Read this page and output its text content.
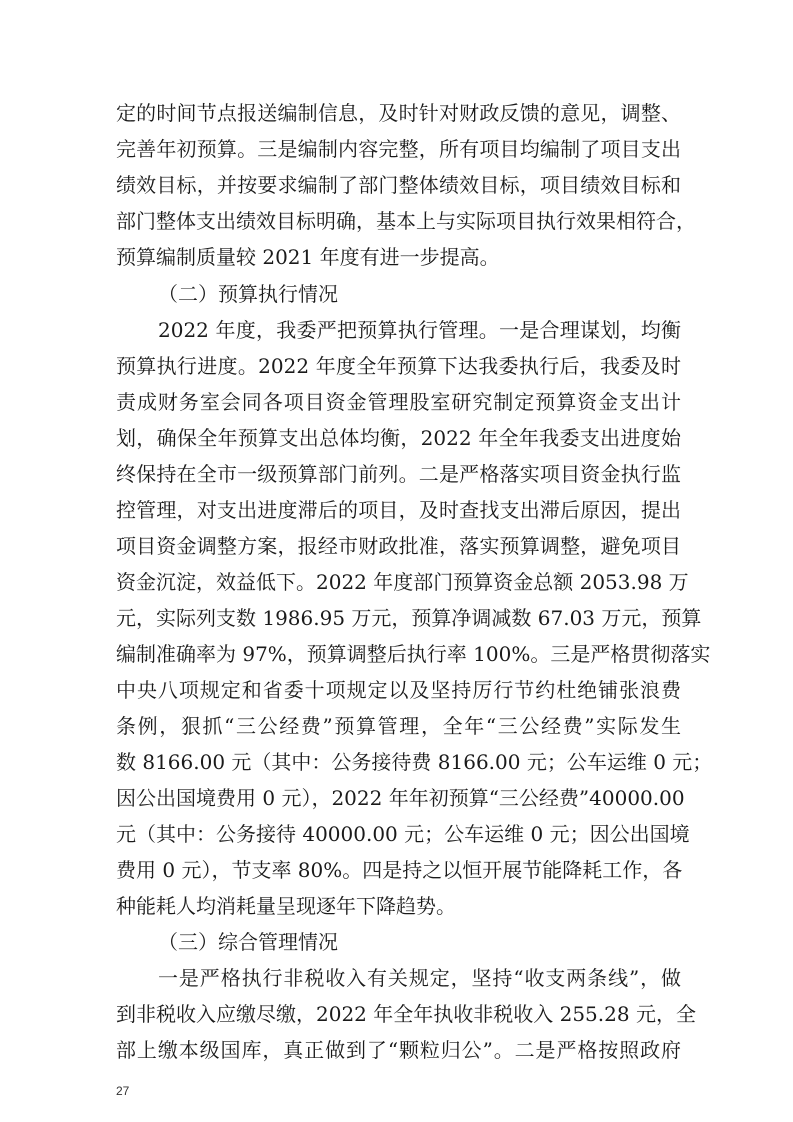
定的时间节点报送编制信息，及时针对财政反馈的意见，调整、
完善年初预算。三是编制内容完整，所有项目均编制了项目支出
绩效目标，并按要求编制了部门整体绩效目标，项目绩效目标和
部门整体支出绩效目标明确，基本上与实际项目执行效果相符合，
预算编制质量较 2021 年度有进一步提高。
（二）预算执行情况
2022 年度，我委严把预算执行管理。一是合理谋划，均衡
预算执行进度。2022 年度全年预算下达我委执行后，我委及时
责成财务室会同各项目资金管理股室研究制定预算资金支出计
划，确保全年预算支出总体均衡，2022 年全年我委支出进度始
终保持在全市一级预算部门前列。二是严格落实项目资金执行监
控管理，对支出进度滞后的项目，及时查找支出滞后原因，提出
项目资金调整方案，报经市财政批准，落实预算调整，避免项目
资金沉淀，效益低下。2022 年度部门预算资金总额 2053.98 万
元，实际列支数 1986.95 万元，预算净调减数 67.03 万元，预算
编制准确率为 97%，预算调整后执行率 100%。三是严格贯彻落实
中央八项规定和省委十项规定以及坚持厉行节约杜绝铺张浪费
条例，狠抓“三公经费”预算管理，全年“三公经费”实际发生
数 8166.00 元（其中：公务接待费 8166.00 元；公车运维 0 元；
因公出国境费用 0 元），2022 年年初预算“三公经费”40000.00
元（其中：公务接待 40000.00 元；公车运维 0 元；因公出国境
费用 0 元），节支率 80%。四是持之以恒开展节能降耗工作，各
种能耗人均消耗量呈现逐年下降趋势。
（三）综合管理情况
一是严格执行非税收入有关规定，坚持“收支两条线”，做
到非税收入应缴尽缴，2022 年全年执收非税收入 255.28 元，全
部上缴本级国库，真正做到了“颗粒归公”。二是严格按照政府
27
